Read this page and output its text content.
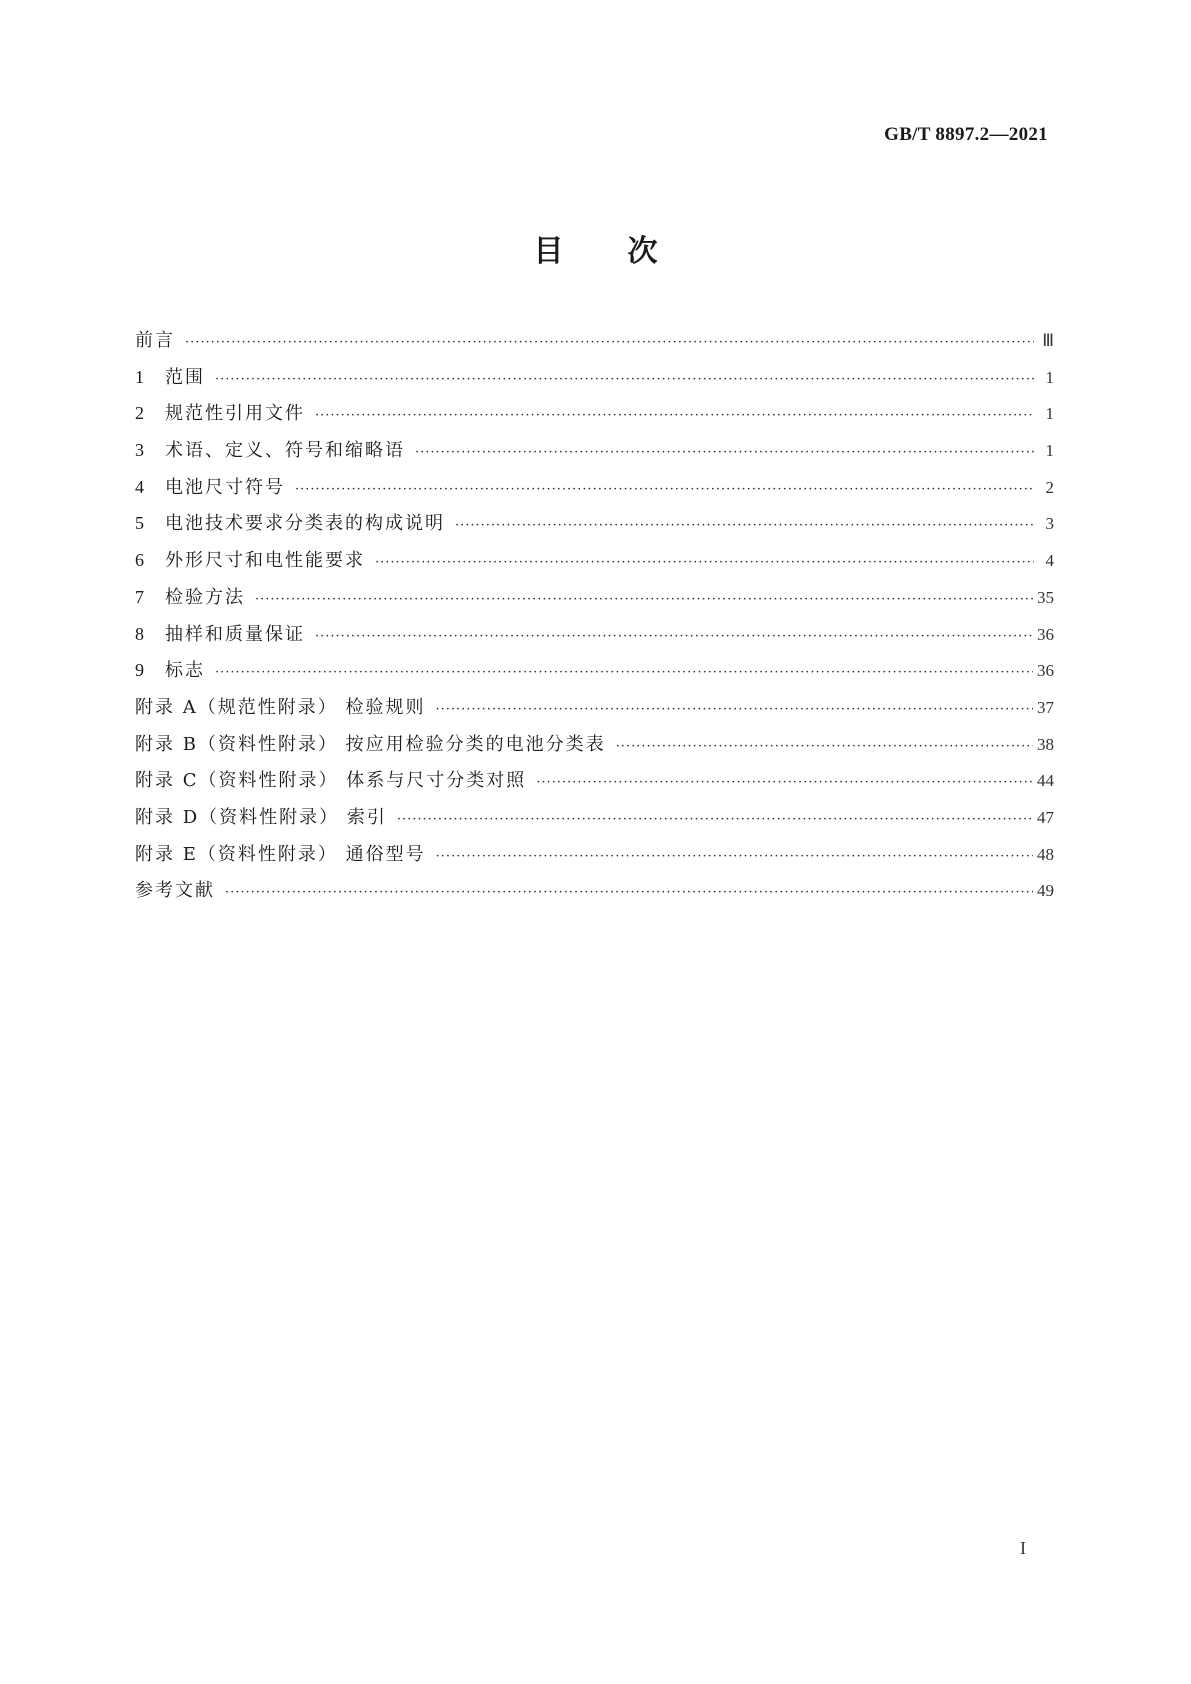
GB/T 8897.2—2021
目次
前言 ·····	Ⅲ
1	范围 ·····	1
2	规范性引用文件 ·····	1
3	术语、定义、符号和缩略语 ·····	1
4	电池尺寸符号 ·····	2
5	电池技术要求分类表的构成说明 ·····	3
6	外形尺寸和电性能要求 ·····	4
7	检验方法 ·····	35
8	抽样和质量保证 ·····	36
9	标志 ·····	36
附录 A（规范性附录） 检验规则 ·····	37
附录 B（资料性附录） 按应用检验分类的电池分类表 ·····	38
附录 C（资料性附录） 体系与尺寸分类对照 ·····	44
附录 D（资料性附录） 索引 ·····	47
附录 E（资料性附录） 通俗型号 ·····	48
参考文献 ·····	49
I
